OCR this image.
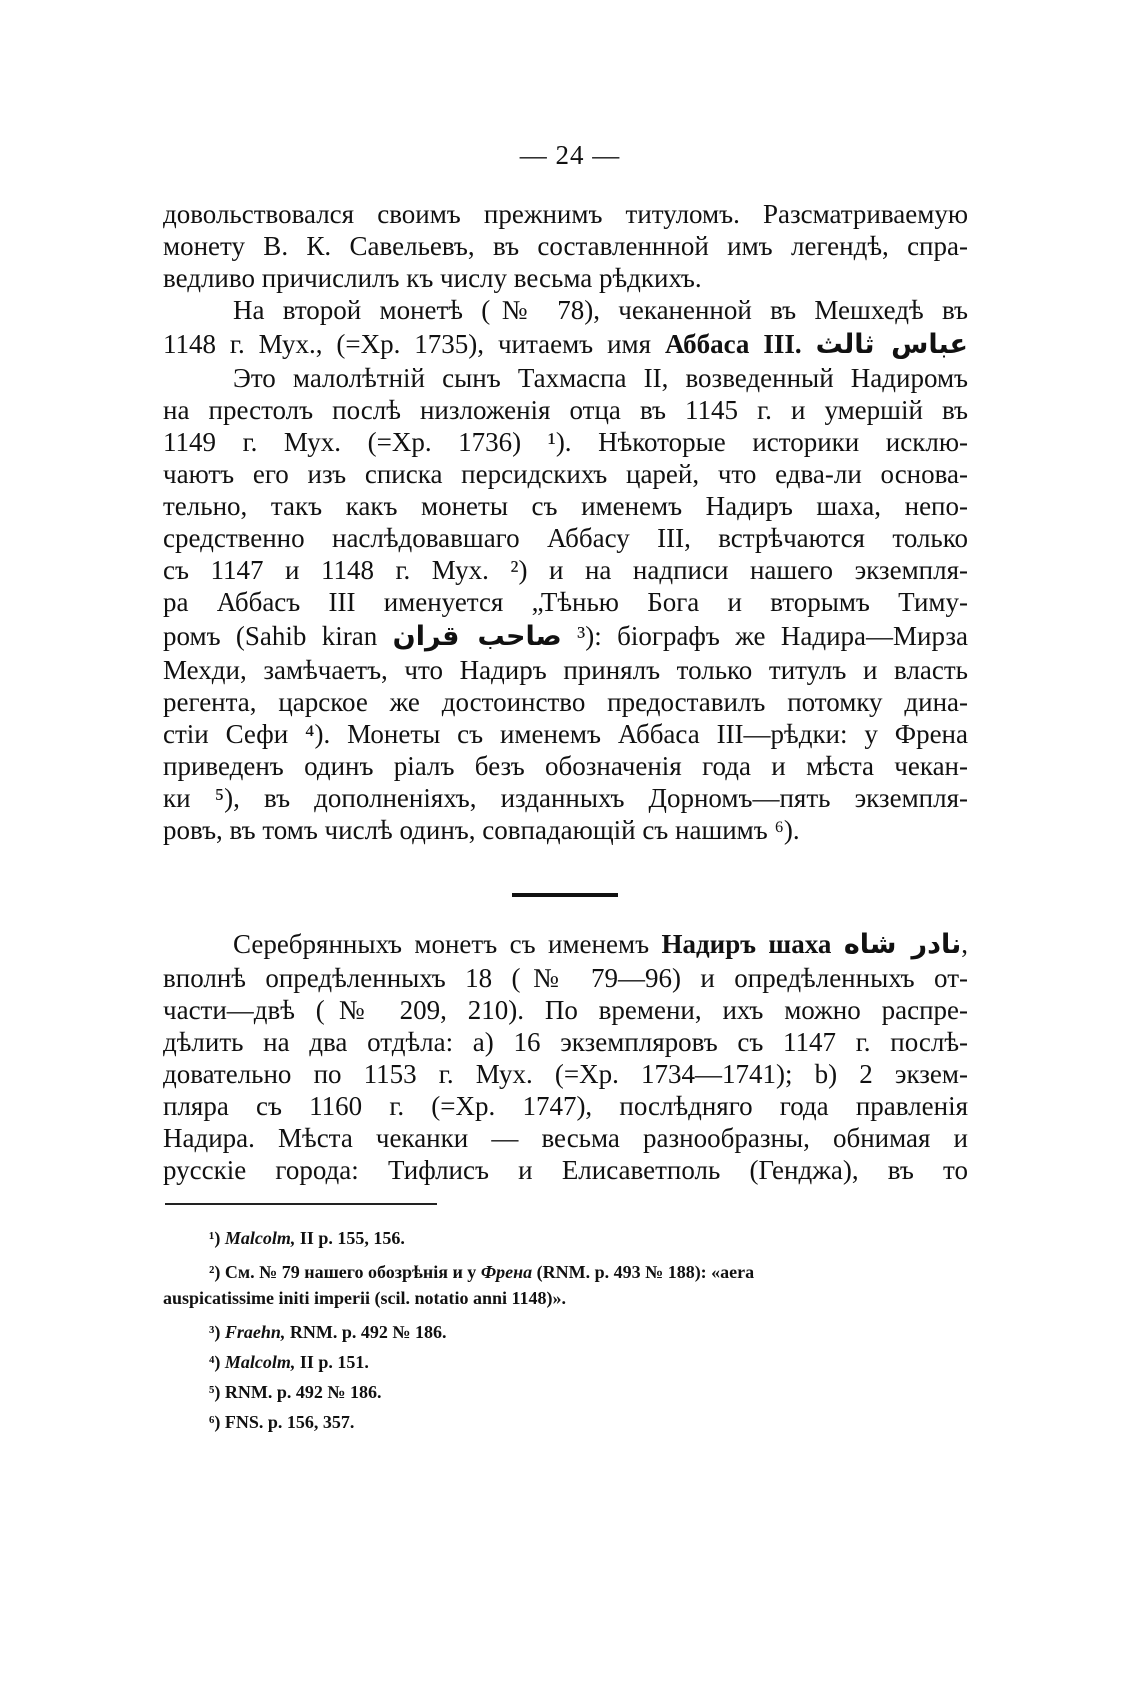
— 24 —
довольствовался своимъ прежнимъ титуломъ. Разсматриваемую
монету В. К. Савельевъ, въ составленнной имъ легендѣ, спра-
ведливо причислилъ къ числу весьма рѣдкихъ.
На второй монетѣ (№ 78), чеканенной въ Мешхедѣ въ
1148 г. Мух., (=Хр. 1735), читаемъ имя Аббаса III. عباس ثالث
Это малолѣтній сынъ Тахмаспа II, возведенный Надиромъ
на престолъ послѣ низложенія отца въ 1145 г. и умершій въ
1149 г. Мух. (=Хр. 1736) ¹). Нѣкоторые историки исклю-
чаютъ его изъ списка персидскихъ царей, что едва-ли основа-
тельно, такъ какъ монеты съ именемъ Надиръ шаха, непо-
средственно наслѣдовавшаго Аббасу III, встрѣчаются только
съ 1147 и 1148 г. Мух. ²) и на надписи нашего экземпля-
ра Аббасъ III именуется „Тѣнью Бога и вторымъ Тиму-
ромъ (Sahib kiran صاحب قران ³): біографъ же Надира—Мирза
Мехди, замѣчаетъ, что Надиръ принялъ только титулъ и власть
регента, царское же достоинство предоставилъ потомку дина-
стіи Сефи ⁴). Монеты съ именемъ Аббаса III—рѣдки: у Френа
приведенъ одинъ ріалъ безъ обозначенія года и мѣста чекан-
ки ⁵), въ дополненіяхъ, изданныхъ Дорномъ—пять экземпля-
ровъ, въ томъ числѣ одинъ, совпадающій съ нашимъ ⁶).
Серебрянныхъ монетъ съ именемъ Надиръ шаха نادر شاه,
вполнѣ опредѣленныхъ 18 (№ 79—96) и опредѣленныхъ от-
части—двѣ (№ 209, 210). По времени, ихъ можно распре-
дѣлить на два отдѣла: a) 16 экземпляровъ съ 1147 г. послѣ-
довательно по 1153 г. Мух. (=Хр. 1734—1741); b) 2 экзем-
пляра съ 1160 г. (=Хр. 1747), послѣдняго года правленія
Надира. Мѣста чеканки — весьма разнообразны, обнимая и
русскіе города: Тифлисъ и Елисаветполь (Генджа), въ то
¹) Malcolm, II p. 155, 156.
²) См. № 79 нашего обозрѣнія и у Френа (RNM. p. 493 № 188): «aera
auspicatissime initi imperii (scil. notatio anni 1148)».
³) Fraehn, RNM. p. 492 № 186.
⁴) Malcolm, II p. 151.
⁵) RNM. p. 492 № 186.
⁶) FNS. p. 156, 357.
